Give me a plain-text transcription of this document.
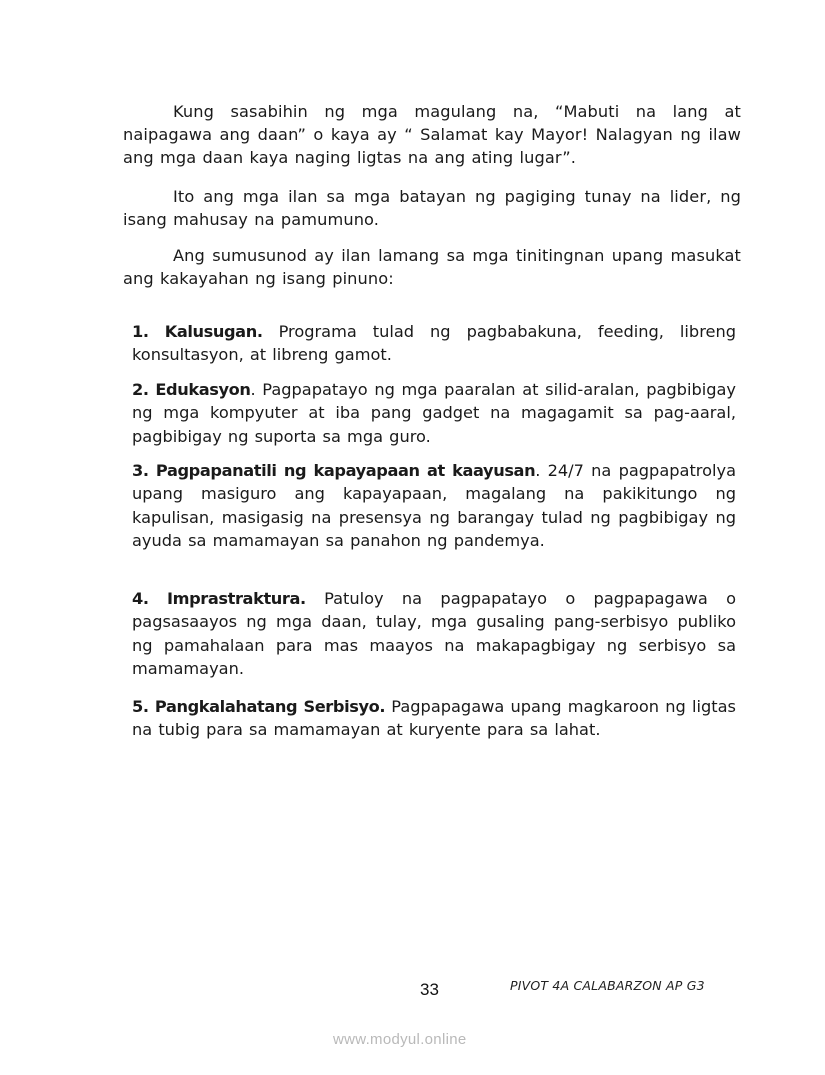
Kung sasabihin ng mga magulang na, “Mabuti na lang at naipagawa ang daan” o kaya ay “ Salamat kay Mayor! Nalagyan ng ilaw ang mga daan kaya naging ligtas na ang ating lugar”.

Ito ang mga ilan sa mga batayan ng pagiging tunay na lider, ng isang mahusay na pamumuno.

Ang sumusunod ay ilan lamang sa mga tinitingnan upang masukat ang kakayahan ng isang pinuno:

1. Kalusugan. Programa tulad ng pagbabakuna, feeding, libreng konsultasyon, at libreng gamot.

2. Edukasyon. Pagpapatayo ng mga paaralan at silid-aralan, pagbibigay ng mga kompyuter at iba pang gadget na magagamit sa pag-aaral, pagbibigay ng suporta sa mga guro.

3. Pagpapanatili ng kapayapaan at kaayusan. 24/7 na pagpapatrolya upang masiguro ang kapayapaan, magalang na pakikitungo ng kapulisan, masigasig na presensya ng barangay tulad ng pagbibigay ng ayuda sa mamamayan sa panahon ng pandemya.

4. Imprastraktura. Patuloy na pagpapatayo o pagpapagawa o pagsasaayos ng mga daan, tulay, mga gusaling pang-serbisyo publiko ng pamahalaan para mas maayos na makapagbigay ng serbisyo sa mamamayan.

5. Pangkalahatang Serbisyo. Pagpapagawa upang magkaroon ng ligtas na tubig para sa mamamayan at kuryente para sa lahat.

33	PIVOT 4A CALABARZON AP G3
www.modyul.online
